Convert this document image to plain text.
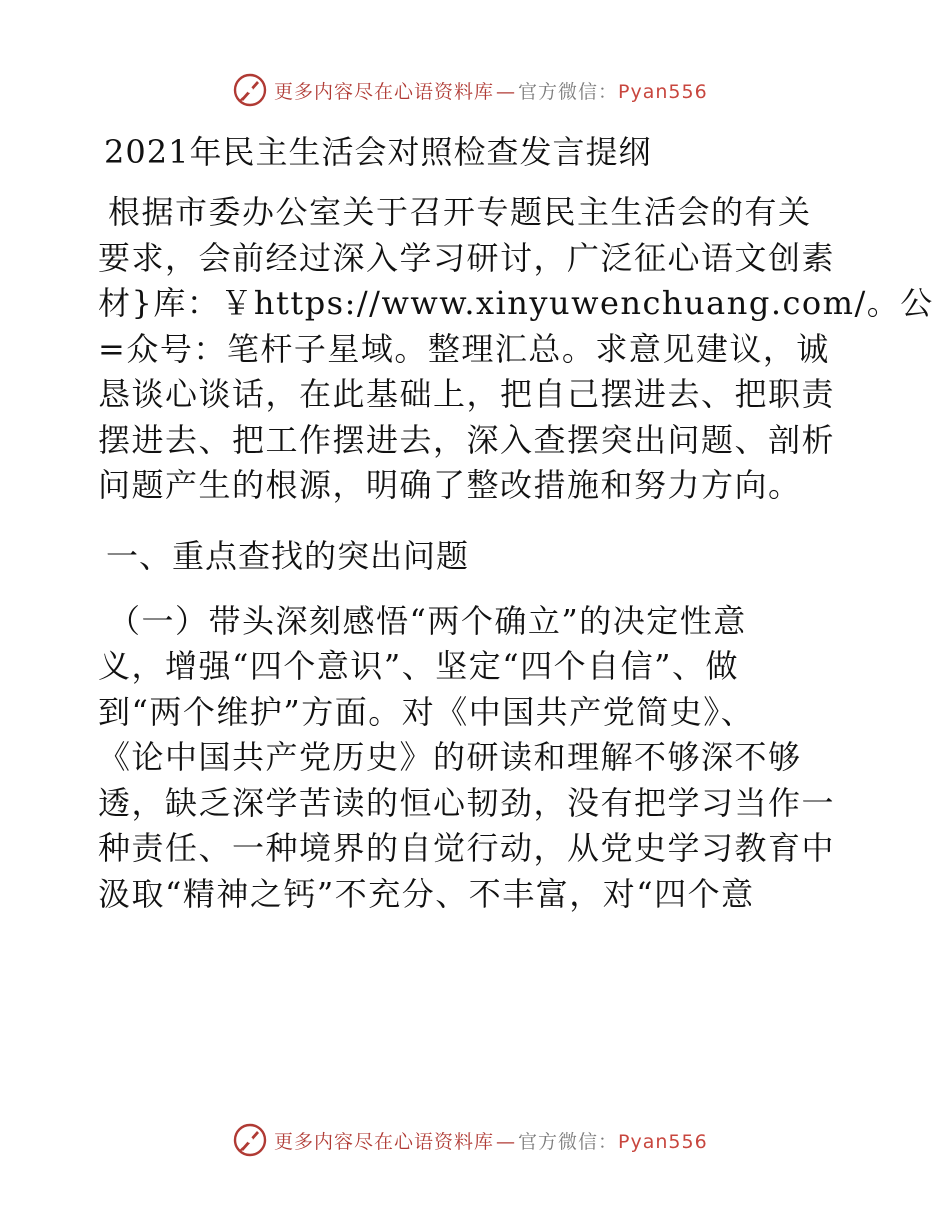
更多内容尽在心语资料库 — 官方微信：Pyan556
2021年民主生活会对照检查发言提纲

根据市委办公室关于召开专题民主生活会的有关
要求，会前经过深入学习研讨，广泛征心语文创素
材}库：￥https://www.xinyuwenchuang.com/。公
=众号：笔杆子星域。整理汇总。求意见建议，诚
恳谈心谈话，在此基础上，把自己摆进去、把职责
摆进去、把工作摆进去，深入查摆突出问题、剖析
问题产生的根源，明确了整改措施和努力方向。

一、重点查找的突出问题

（一）带头深刻感悟“两个确立”的决定性意
义，增强“四个意识”、坚定“四个自信”、做
到“两个维护”方面。对《中国共产党简史》、
《论中国共产党历史》的研读和理解不够深不够
透，缺乏深学苦读的恒心韧劲，没有把学习当作一
种责任、一种境界的自觉行动，从党史学习教育中
汲取“精神之钙”不充分、不丰富，对“四个意

更多内容尽在心语资料库 — 官方微信：Pyan556
